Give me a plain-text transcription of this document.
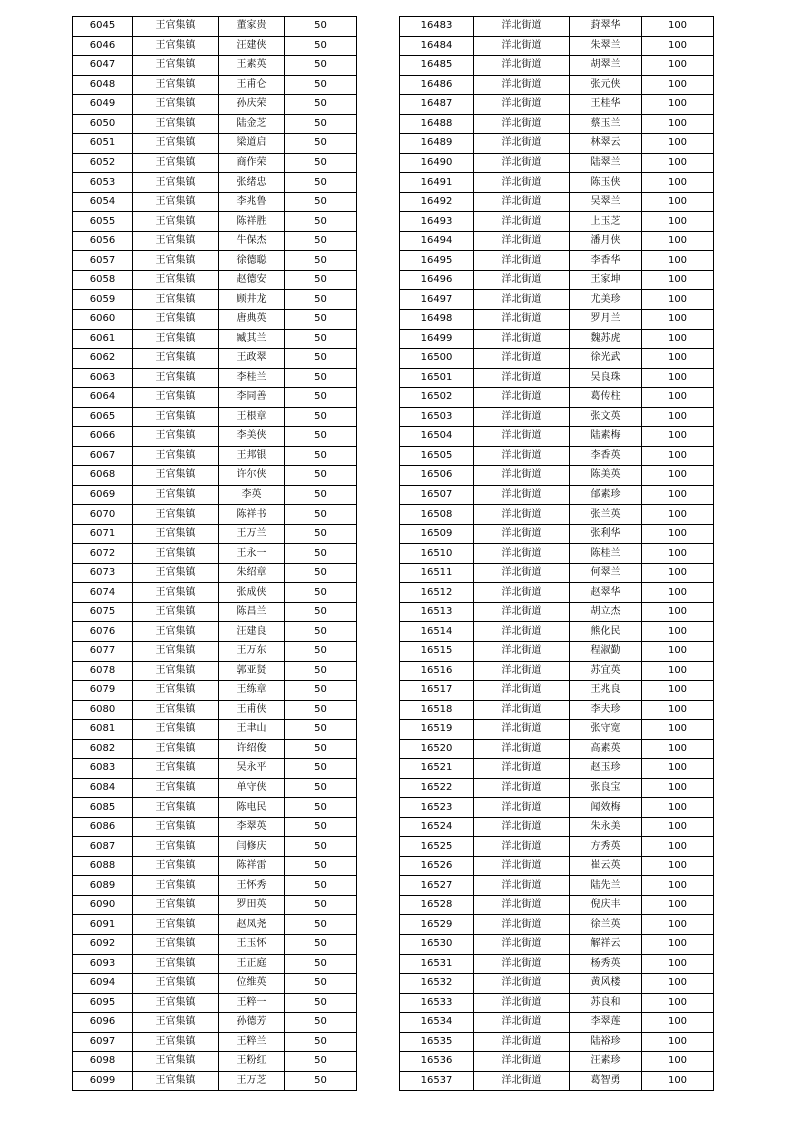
6045	王官集镇	董家贵	50
6046	王官集镇	汪建侠	50
6047	王官集镇	王素英	50
6048	王官集镇	王甫仑	50
6049	王官集镇	孙庆荣	50
6050	王官集镇	陆金芝	50
6051	王官集镇	梁道启	50
6052	王官集镇	商作荣	50
6053	王官集镇	张绪忠	50
6054	王官集镇	李兆鲁	50
6055	王官集镇	陈祥胜	50
6056	王官集镇	牛保杰	50
6057	王官集镇	徐德聪	50
6058	王官集镇	赵德安	50
6059	王官集镇	顾井龙	50
6060	王官集镇	唐典英	50
6061	王官集镇	臧其兰	50
6062	王官集镇	王政翠	50
6063	王官集镇	李桂兰	50
6064	王官集镇	李同善	50
6065	王官集镇	王根章	50
6066	王官集镇	李美侠	50
6067	王官集镇	王邦银	50
6068	王官集镇	许尔侠	50
6069	王官集镇	李英	50
6070	王官集镇	陈祥书	50
6071	王官集镇	王万兰	50
6072	王官集镇	王永一	50
6073	王官集镇	朱绍章	50
6074	王官集镇	张成侠	50
6075	王官集镇	陈昌兰	50
6076	王官集镇	汪建良	50
6077	王官集镇	王万东	50
6078	王官集镇	郭亚贤	50
6079	王官集镇	王练章	50
6080	王官集镇	王甫侠	50
6081	王官集镇	王聿山	50
6082	王官集镇	许绍俊	50
6083	王官集镇	吴永平	50
6084	王官集镇	单守侠	50
6085	王官集镇	陈电民	50
6086	王官集镇	李翠英	50
6087	王官集镇	闫修庆	50
6088	王官集镇	陈祥雷	50
6089	王官集镇	王怀秀	50
6090	王官集镇	罗田英	50
6091	王官集镇	赵凤尧	50
6092	王官集镇	王玉怀	50
6093	王官集镇	王正庭	50
6094	王官集镇	位维英	50
6095	王官集镇	王粹一	50
6096	王官集镇	孙德芳	50
6097	王官集镇	王粹兰	50
6098	王官集镇	王粉红	50
6099	王官集镇	王万芝	50
16483	洋北街道	葑翠华	100
16484	洋北街道	朱翠兰	100
16485	洋北街道	胡翠兰	100
16486	洋北街道	张元侠	100
16487	洋北街道	王桂华	100
16488	洋北街道	蔡玉兰	100
16489	洋北街道	林翠云	100
16490	洋北街道	陆翠兰	100
16491	洋北街道	陈玉侠	100
16492	洋北街道	吴翠兰	100
16493	洋北街道	上玉芝	100
16494	洋北街道	潘月侠	100
16495	洋北街道	李香华	100
16496	洋北街道	王家坤	100
16497	洋北街道	尤美珍	100
16498	洋北街道	罗月兰	100
16499	洋北街道	魏苏虎	100
16500	洋北街道	徐光武	100
16501	洋北街道	吴良珠	100
16502	洋北街道	葛传柱	100
16503	洋北街道	张文英	100
16504	洋北街道	陆素梅	100
16505	洋北街道	李香英	100
16506	洋北街道	陈美英	100
16507	洋北街道	邰素珍	100
16508	洋北街道	张兰英	100
16509	洋北街道	张利华	100
16510	洋北街道	陈桂兰	100
16511	洋北街道	何翠兰	100
16512	洋北街道	赵翠华	100
16513	洋北街道	胡立杰	100
16514	洋北街道	熊化民	100
16515	洋北街道	程淑勤	100
16516	洋北街道	苏宜英	100
16517	洋北街道	王兆良	100
16518	洋北街道	李夫珍	100
16519	洋北街道	张守宽	100
16520	洋北街道	高素英	100
16521	洋北街道	赵玉珍	100
16522	洋北街道	张良宝	100
16523	洋北街道	闻效梅	100
16524	洋北街道	朱永美	100
16525	洋北街道	方秀英	100
16526	洋北街道	崔云英	100
16527	洋北街道	陆先兰	100
16528	洋北街道	倪庆丰	100
16529	洋北街道	徐兰英	100
16530	洋北街道	解祥云	100
16531	洋北街道	杨秀英	100
16532	洋北街道	黄风楼	100
16533	洋北街道	苏良和	100
16534	洋北街道	李翠莲	100
16535	洋北街道	陆裕珍	100
16536	洋北街道	汪素珍	100
16537	洋北街道	葛智勇	100
